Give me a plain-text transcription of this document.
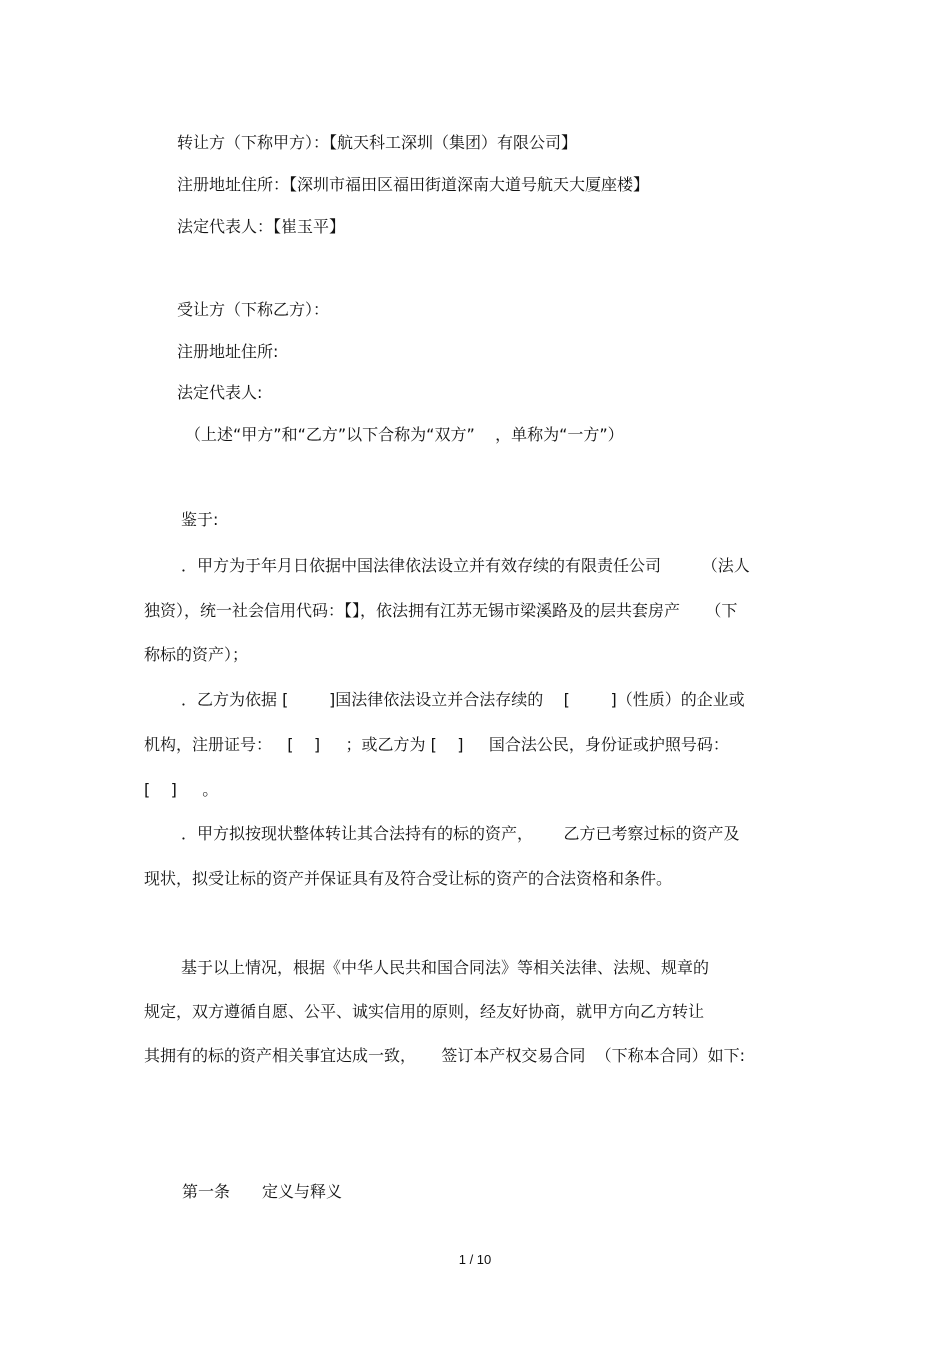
转让方（下称甲方）：【航天科工深圳（集团）有限公司】
注册地址住所：【深圳市福田区福田街道深南大道号航天大厦座楼】
法定代表人：【崔玉平】
受让方（下称乙方）：
注册地址住所:
法定代表人:
（上述“甲方”和“乙方”以下合称为“双方”    ，单称为“一方”）
鉴于:
．甲方为于年月日依据中国法律依法设立并有效存续的有限责任公司        （法人
独资），统一社会信用代码：【】，依法拥有江苏无锡市梁溪路及的层共套房产     （下
称标的资产）；
．乙方为依据 [        ]国法律依法设立并合法存续的    [        ]（性质）的企业或
机构，注册证号：   [    ]     ；或乙方为 [    ]     国合法公民，身份证或护照号码：
[    ]     。
．甲方拟按现状整体转让其合法持有的标的资产，      乙方已考察过标的资产及
现状，拟受让标的资产并保证具有及符合受让标的资产的合法资格和条件。
基于以上情况，根据《中华人民共和国合同法》等相关法律、法规、规章的
规定，双方遵循自愿、公平、诚实信用的原则，经友好协商，就甲方向乙方转让
其拥有的标的资产相关事宜达成一致，     签订本产权交易合同  （下称本合同）如下:
第一条 定义与释义
1 / 10
